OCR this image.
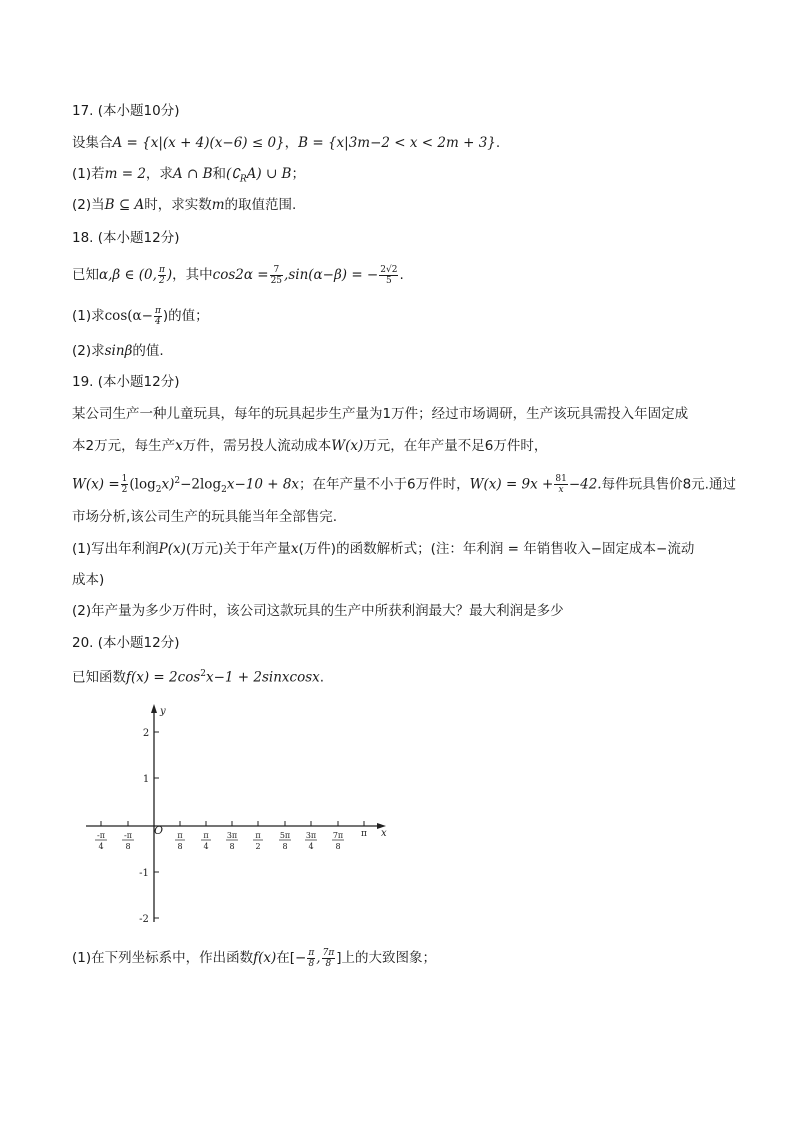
17. (本小题10分)
设集合A = {x|(x + 4)(x−6) ≤ 0}，B = {x|3m−2 < x < 2m + 3}.
(1)若m = 2，求A ∩ B和$(∁_RA)$ ∪ B；
(2)当B ⊆ A时，求实数m的取值范围.
18. (本小题12分)
已知α,β ∈ (0, $\frac{\pi}{2}$ )，其中$\cos 2\alpha = \frac{7}{25} ,\sin(\alpha-\beta)$ = − $\frac{2√2}{5}$ .
(1)求$\cos(\alpha- \frac{\pi}{4}$ )的值；
(2)求sinβ的值.
19. (本小题12分)
某公司生产一种儿童玩具，每年的玩具起步生产量为1万件；经过市场调研，生产该玩具需投入年固定成
本2万元，每生产x万件，需另投人流动成本W(x)万元，在年产量不足6万件时，
$W(x) = \frac{1}{2} (\log_2x)^2-2\log_2x-10 + 8x$；在年产量不小于6万件时，$W(x) = 9x + \frac{81}{x} -42$.每件玩具售价8元.通过
市场分析,该公司生产的玩具能当年全部售完.
(1)写出年利润P(x)(万元)关于年产量x(万件)的函数解析式；(注：年利润 = 年销售收入−固定成本−流动
成本)
(2)年产量为多少万件时，该公司这款玩具的生产中所获利润最大？最大利润是多少
20. (本小题12分)
已知函数$f(x) = 2\cos^2x-1$ + 2sinxcosx.
y
x
O
2
1
-1
-2
-π
4
-π
8
π
8
π
4
3π
8
π
2
5π
8
3π
4
7π
8
π
(1)在下列坐标系中，作出函数f(x)在[− $\frac{\pi}{8}$ , $\frac{7\pi}{8}$ ]上的大致图象；
